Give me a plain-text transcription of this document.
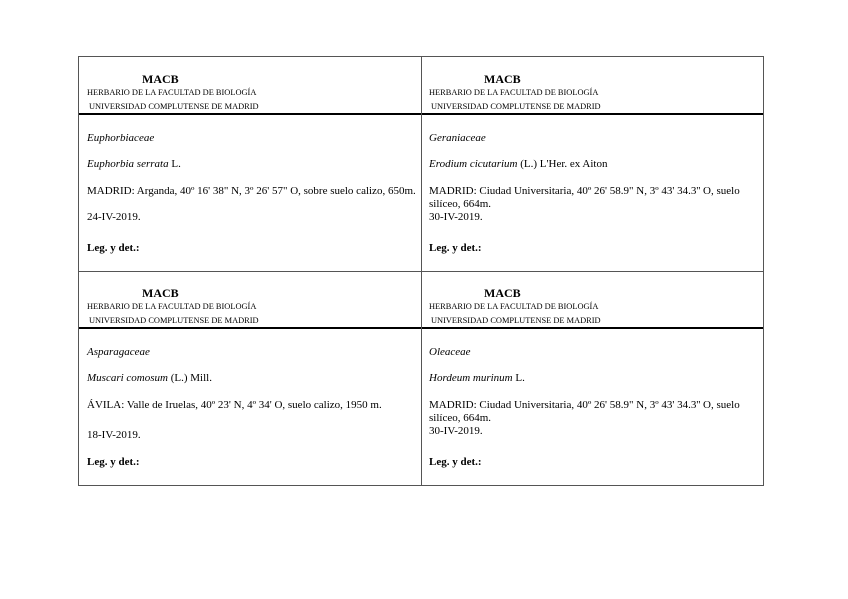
MACB
HERBARIO DE LA FACULTAD DE BIOLOGÍA
UNIVERSIDAD COMPLUTENSE DE MADRID
Euphorbiaceae
Euphorbia serrata L.
MADRID: Arganda, 40º 16' 38" N, 3º 26' 57" O, sobre suelo calizo, 650m.
24-IV-2019.
Leg. y det.:
MACB
HERBARIO DE LA FACULTAD DE BIOLOGÍA
UNIVERSIDAD COMPLUTENSE DE MADRID
Geraniaceae
Erodium cicutarium (L.) L'Her. ex Aiton
MADRID: Ciudad Universitaria, 40º 26' 58.9" N, 3º 43' 34.3'' O, suelo silíceo, 664m.
30-IV-2019.
Leg. y det.:
MACB
HERBARIO DE LA FACULTAD DE BIOLOGÍA
UNIVERSIDAD COMPLUTENSE DE MADRID
Asparagaceae
Muscari comosum (L.) Mill.
ÁVILA: Valle de Iruelas, 40º 23' N, 4º 34' O, suelo calizo, 1950 m.
18-IV-2019.
Leg. y det.:
MACB
HERBARIO DE LA FACULTAD DE BIOLOGÍA
UNIVERSIDAD COMPLUTENSE DE MADRID
Oleaceae
Hordeum murinum L.
MADRID: Ciudad Universitaria, 40º 26' 58.9" N, 3º 43' 34.3'' O, suelo silíceo, 664m.
30-IV-2019.
Leg. y det.:
